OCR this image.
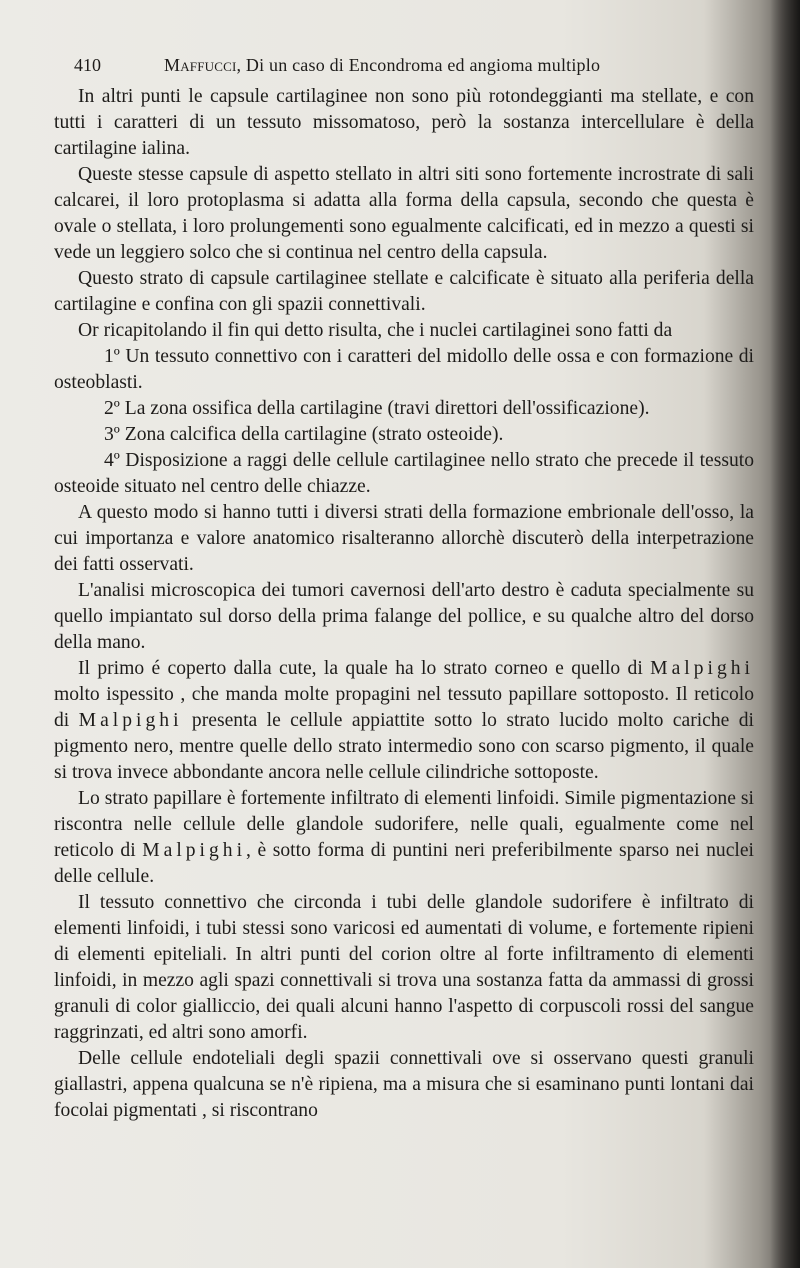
410	Maffucci, Di un caso di Encondroma ed angioma multiplo

In altri punti le capsule cartilaginee non sono più rotondeggianti ma stellate, e con tutti i caratteri di un tessuto missomatoso, però la sostanza intercellulare è della cartilagine ialina.

Queste stesse capsule di aspetto stellato in altri siti sono fortemente incrostrate di sali calcarei, il loro protoplasma si adatta alla forma della capsula, secondo che questa è ovale o stellata, i loro prolungementi sono egualmente calcificati, ed in mezzo a questi si vede un leggiero solco che si continua nel centro della capsula.

Questo strato di capsule cartilaginee stellate e calcificate è situato alla periferia della cartilagine e confina con gli spazii connettivali.

Or ricapitolando il fin qui detto risulta, che i nuclei cartilaginei sono fatti da

1º Un tessuto connettivo con i caratteri del midollo delle ossa e con formazione di osteoblasti.

2º La zona ossifica della cartilagine (travi direttori dell'ossificazione).

3º Zona calcifica della cartilagine (strato osteoide).

4º Disposizione a raggi delle cellule cartilaginee nello strato che precede il tessuto osteoide situato nel centro delle chiazze.

A questo modo si hanno tutti i diversi strati della formazione embrionale dell'osso, la cui importanza e valore anatomico risalteranno allorchè discuterò della interpetrazione dei fatti osservati.

L'analisi microscopica dei tumori cavernosi dell'arto destro è caduta specialmente su quello impiantato sul dorso della prima falange del pollice, e su qualche altro del dorso della mano.

Il primo é coperto dalla cute, la quale ha lo strato corneo e quello di Malpighi molto ispessito , che manda molte propagini nel tessuto papillare sottoposto. Il reticolo di Malpighi presenta le cellule appiattite sotto lo strato lucido molto cariche di pigmento nero, mentre quelle dello strato intermedio sono con scarso pigmento, il quale si trova invece abbondante ancora nelle cellule cilindriche sottoposte.

Lo strato papillare è fortemente infiltrato di elementi linfoidi. Simile pigmentazione si riscontra nelle cellule delle glandole sudorifere, nelle quali, egualmente come nel reticolo di Malpighi, è sotto forma di puntini neri preferibilmente sparso nei nuclei delle cellule.

Il tessuto connettivo che circonda i tubi delle glandole sudorifere è infiltrato di elementi linfoidi, i tubi stessi sono varicosi ed aumentati di volume, e fortemente ripieni di elementi epiteliali. In altri punti del corion oltre al forte infiltramento di elementi linfoidi, in mezzo agli spazi connettivali si trova una sostanza fatta da ammassi di grossi granuli di color gialliccio, dei quali alcuni hanno l'aspetto di corpuscoli rossi del sangue raggrinzati, ed altri sono amorfi.

Delle cellule endoteliali degli spazii connettivali ove si osservano questi granuli giallastri, appena qualcuna se n'è ripiena, ma a misura che si esaminano punti lontani dai focolai pigmentati , si riscontrano
